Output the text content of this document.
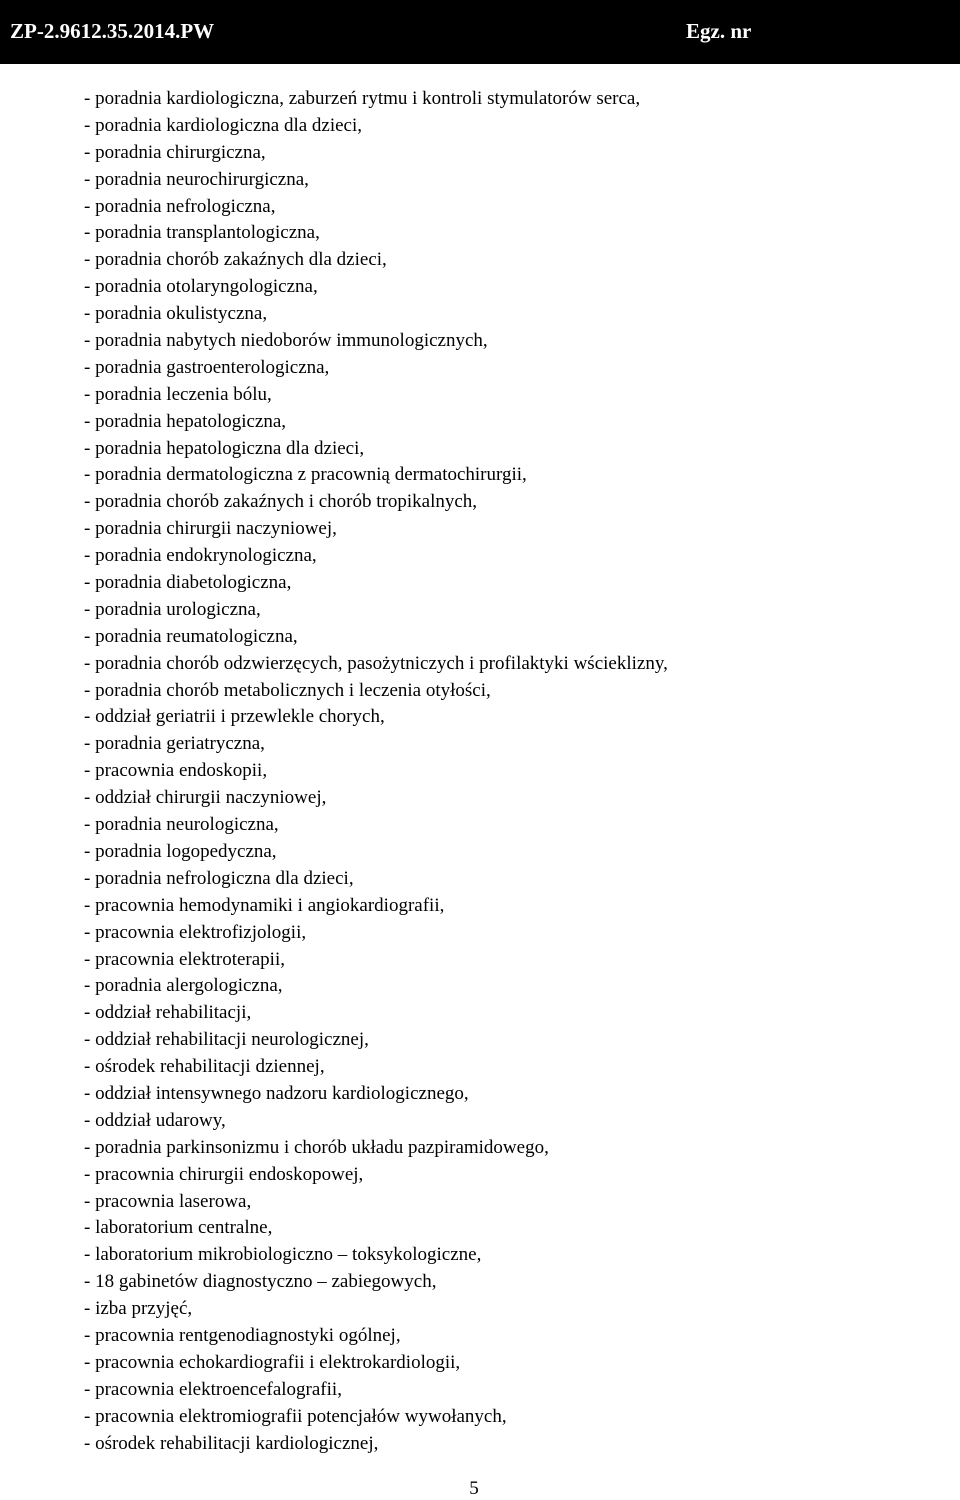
ZP-2.9612.35.2014.PW	Egz. nr
- poradnia kardiologiczna, zaburzeń rytmu i kontroli stymulatorów serca,
- poradnia kardiologiczna dla dzieci,
- poradnia chirurgiczna,
- poradnia neurochirurgiczna,
- poradnia nefrologiczna,
- poradnia transplantologiczna,
- poradnia chorób zakaźnych dla dzieci,
- poradnia otolaryngologiczna,
- poradnia okulistyczna,
- poradnia nabytych niedoborów immunologicznych,
- poradnia gastroenterologiczna,
- poradnia leczenia bólu,
- poradnia hepatologiczna,
- poradnia hepatologiczna dla dzieci,
- poradnia dermatologiczna z pracownią dermatochirurgii,
- poradnia chorób zakaźnych i chorób tropikalnych,
- poradnia chirurgii naczyniowej,
- poradnia endokrynologiczna,
- poradnia diabetologiczna,
- poradnia urologiczna,
- poradnia reumatologiczna,
- poradnia chorób odzwierzęcych, pasożytniczych i profilaktyki wścieklizny,
- poradnia chorób metabolicznych i leczenia otyłości,
- oddział geriatrii i przewlekle chorych,
- poradnia geriatryczna,
- pracownia endoskopii,
- oddział chirurgii naczyniowej,
- poradnia neurologiczna,
- poradnia logopedyczna,
- poradnia nefrologiczna dla dzieci,
- pracownia hemodynamiki i angiokardiografii,
- pracownia elektrofizjologii,
- pracownia elektroterapii,
- poradnia alergologiczna,
- oddział rehabilitacji,
- oddział rehabilitacji neurologicznej,
- ośrodek rehabilitacji dziennej,
- oddział intensywnego nadzoru kardiologicznego,
- oddział udarowy,
- poradnia parkinsonizmu i chorób układu pazpiramidowego,
- pracownia chirurgii endoskopowej,
- pracownia laserowa,
- laboratorium centralne,
- laboratorium mikrobiologiczno – toksykologiczne,
- 18 gabinetów diagnostyczno – zabiegowych,
- izba przyjęć,
- pracownia rentgenodiagnostyki ogólnej,
- pracownia echokardiografii i elektrokardiologii,
- pracownia elektroencefalografii,
- pracownia elektromiografii potencjałów wywołanych,
- ośrodek rehabilitacji kardiologicznej,
5
